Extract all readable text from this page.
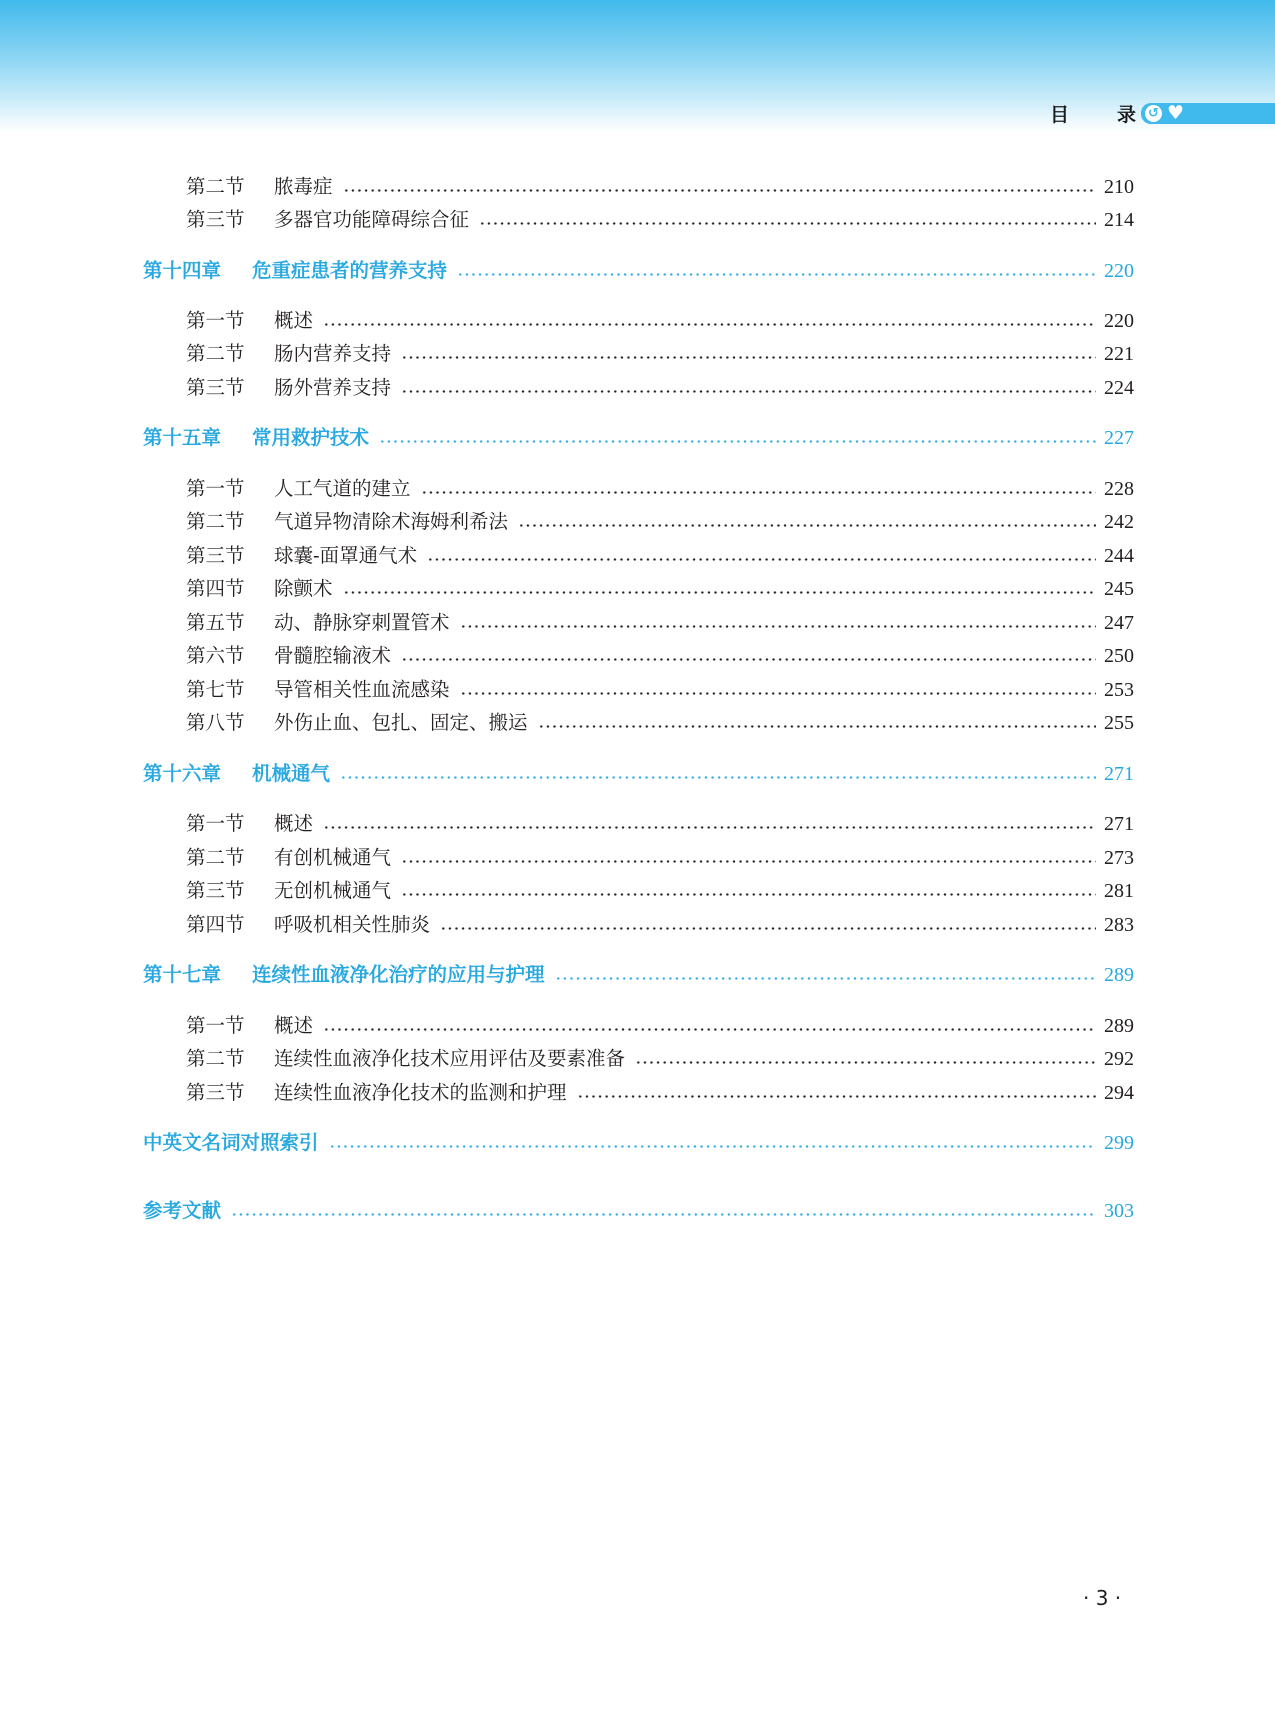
目	录 ↺ ♥
第二节	脓毒症	210
第三节	多器官功能障碍综合征	214
第十四章	危重症患者的营养支持	220
第一节	概述	220
第二节	肠内营养支持	221
第三节	肠外营养支持	224
第十五章	常用救护技术	227
第一节	人工气道的建立	228
第二节	气道异物清除术海姆利希法	242
第三节	球囊-面罩通气术	244
第四节	除颤术	245
第五节	动、静脉穿刺置管术	247
第六节	骨髓腔输液术	250
第七节	导管相关性血流感染	253
第八节	外伤止血、包扎、固定、搬运	255
第十六章	机械通气	271
第一节	概述	271
第二节	有创机械通气	273
第三节	无创机械通气	281
第四节	呼吸机相关性肺炎	283
第十七章	连续性血液净化治疗的应用与护理	289
第一节	概述	289
第二节	连续性血液净化技术应用评估及要素准备	292
第三节	连续性血液净化技术的监测和护理	294
中英文名词对照索引	299
参考文献	303
· 3 ·
